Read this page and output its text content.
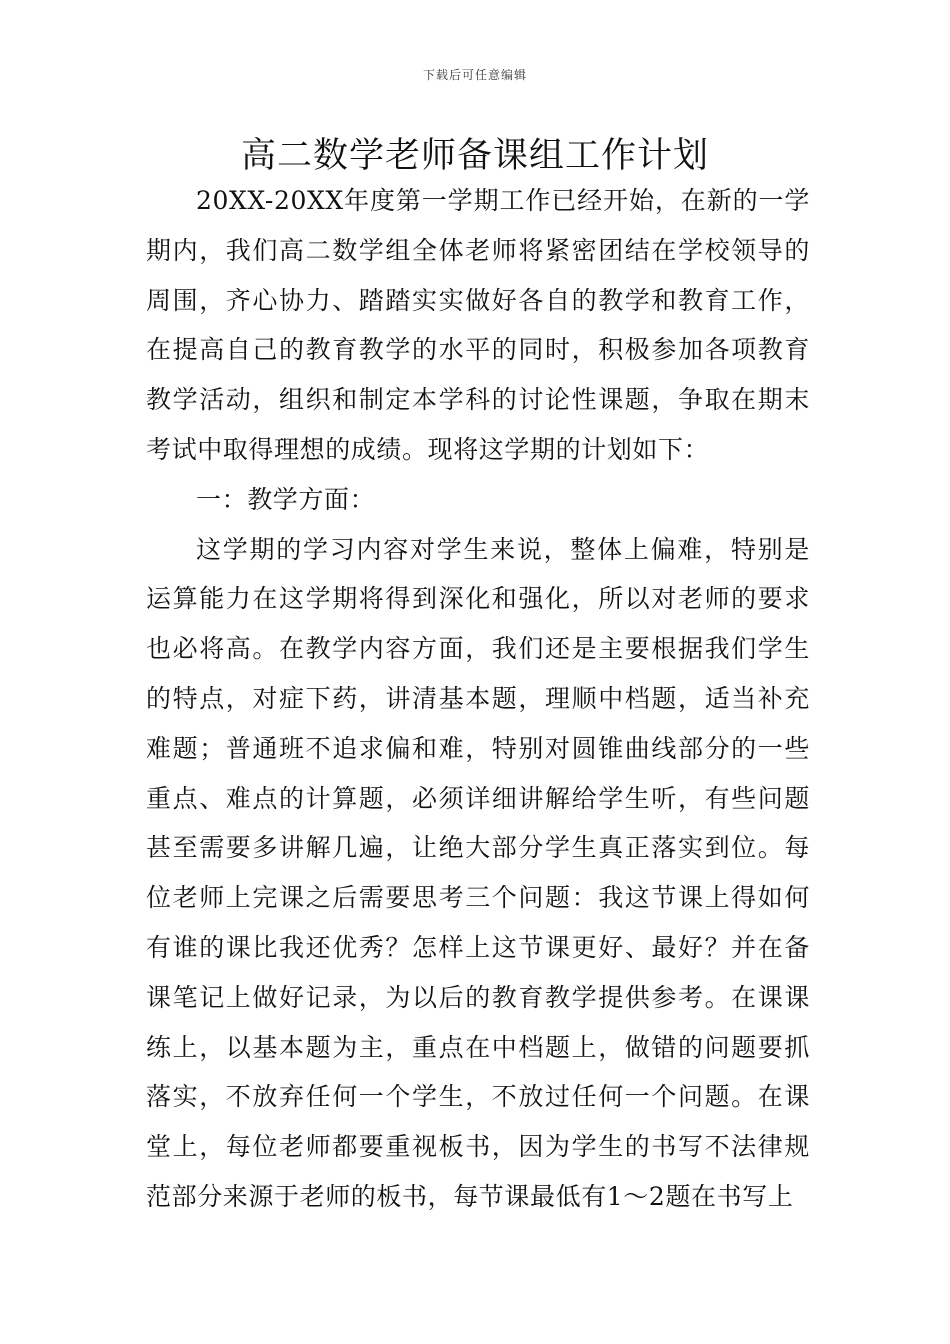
下载后可任意编辑
高二数学老师备课组工作计划

20XX-20XX年度第一学期工作已经开始，在新的一学期内，我们高二数学组全体老师将紧密团结在学校领导的周围，齐心协力、踏踏实实做好各自的教学和教育工作，在提高自己的教育教学的水平的同时，积极参加各项教育教学活动，组织和制定本学科的讨论性课题，争取在期末考试中取得理想的成绩。现将这学期的计划如下：

一：教学方面：

这学期的学习内容对学生来说，整体上偏难，特别是运算能力在这学期将得到深化和强化，所以对老师的要求也必将高。在教学内容方面，我们还是主要根据我们学生的特点，对症下药，讲清基本题，理顺中档题，适当补充难题；普通班不追求偏和难，特别对圆锥曲线部分的一些重点、难点的计算题，必须详细讲解给学生听，有些问题甚至需要多讲解几遍，让绝大部分学生真正落实到位。每位老师上完课之后需要思考三个问题：我这节课上得如何有谁的课比我还优秀？怎样上这节课更好、最好？并在备课笔记上做好记录，为以后的教育教学提供参考。在课课练上，以基本题为主，重点在中档题上，做错的问题要抓落实，不放弃任何一个学生，不放过任何一个问题。在课堂上，每位老师都要重视板书，因为学生的书写不法律规范部分来源于老师的板书，每节课最低有1～2题在书写上
